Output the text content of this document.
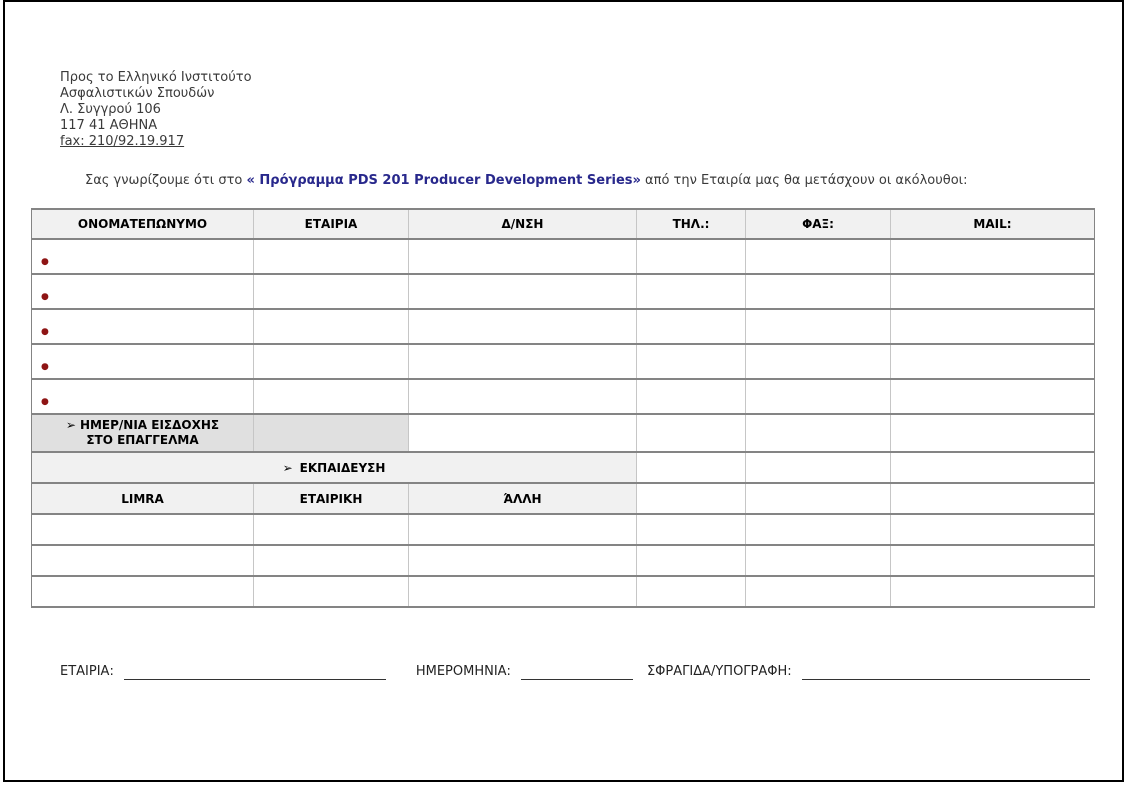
Προς το Ελληνικό Ινστιτούτο
Ασφαλιστικών Σπουδών
Λ. Συγγρού 106
117 41 ΑΘΗΝΑ
fax: 210/92.19.917
Σας γνωρίζουμε ότι στο « Πρόγραμμα PDS 201 Producer Development Series» από την Εταιρία μας θα μετάσχουν οι ακόλουθοι:
ΟΝΟΜΑΤΕΠΩΝΥΜΟ	ΕΤΑΙΡΙΑ	Δ/ΝΣΗ	ΤΗΛ.:	ΦΑΞ:	MAIL:
●					
●					
●					
●					
●					

➢ ΗΜΕΡ/ΝΙΑ ΕΙΣΔΟΧΗΣ
ΣΤΟ ΕΠΑΓΓΕΛΜΑ					

➢ ΕΚΠΑΙΔΕΥΣΗ					
LIMRA	ΕΤΑΙΡΙΚΗ	ΆΛΛΗ			

ΕΤΑΙΡΙΑ:	ΗΜΕΡΟΜΗΝΙΑ:	ΣΦΡΑΓΙΔΑ/ΥΠΟΓΡΑΦΗ:
